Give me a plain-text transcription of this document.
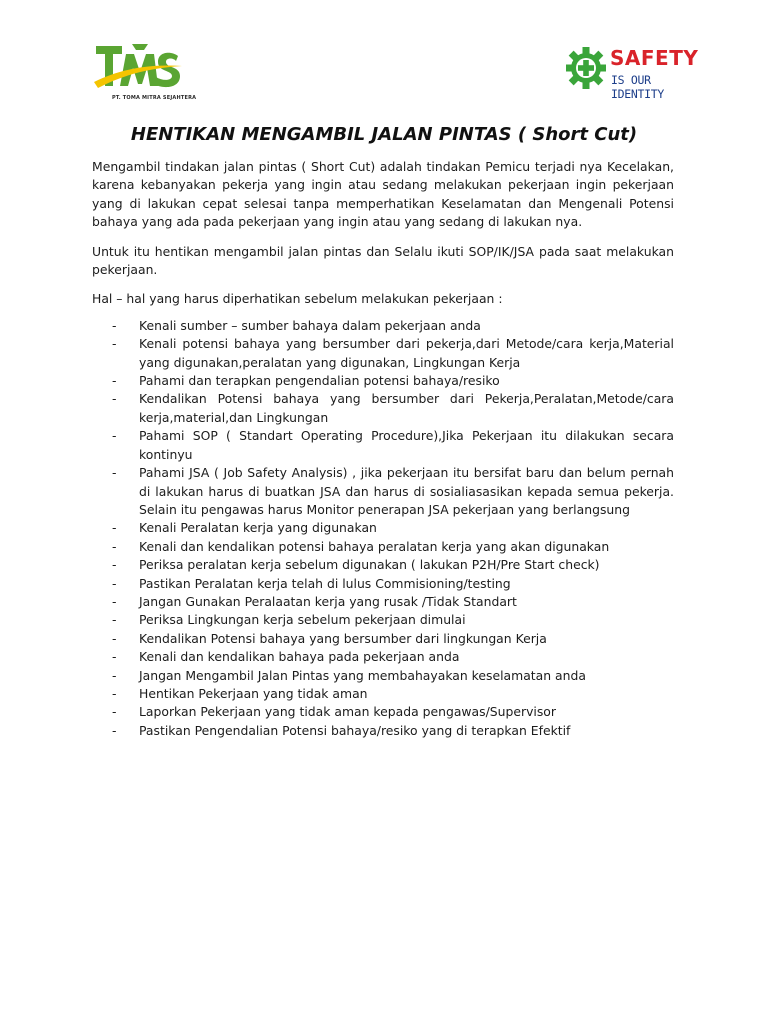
PT. TOMA MITRA SEJAHTERA
SAFETY
IS OUR IDENTITY
HENTIKAN MENGAMBIL JALAN PINTAS ( Short Cut)

Mengambil tindakan jalan pintas ( Short Cut) adalah tindakan Pemicu terjadi nya Kecelakan, karena kebanyakan pekerja yang ingin atau sedang melakukan pekerjaan ingin pekerjaan yang di lakukan cepat selesai tanpa memperhatikan Keselamatan dan Mengenali Potensi bahaya yang ada pada pekerjaan yang ingin atau yang sedang di lakukan nya.

Untuk itu hentikan mengambil jalan pintas dan Selalu ikuti SOP/IK/JSA pada saat melakukan pekerjaan.

Hal – hal yang harus diperhatikan sebelum melakukan pekerjaan :

- Kenali sumber – sumber bahaya dalam pekerjaan anda
- Kenali potensi bahaya yang bersumber dari pekerja,dari Metode/cara kerja,Material yang digunakan,peralatan yang digunakan, Lingkungan Kerja
- Pahami dan terapkan pengendalian potensi bahaya/resiko
- Kendalikan Potensi bahaya yang bersumber dari Pekerja,Peralatan,Metode/cara kerja,material,dan Lingkungan
- Pahami SOP ( Standart Operating Procedure),Jika Pekerjaan itu dilakukan secara kontinyu
- Pahami JSA ( Job Safety Analysis) , jika pekerjaan itu bersifat baru dan belum pernah di lakukan harus di buatkan JSA dan harus di sosialiasasikan kepada semua pekerja. Selain itu pengawas harus Monitor penerapan JSA pekerjaan yang berlangsung
- Kenali Peralatan kerja yang digunakan
- Kenali dan kendalikan potensi bahaya peralatan kerja yang akan digunakan
- Periksa peralatan kerja sebelum digunakan ( lakukan P2H/Pre Start check)
- Pastikan Peralatan kerja telah di lulus Commisioning/testing
- Jangan Gunakan Peralaatan kerja yang rusak /Tidak Standart
- Periksa Lingkungan kerja sebelum pekerjaan dimulai
- Kendalikan Potensi bahaya yang bersumber dari lingkungan Kerja
- Kenali dan kendalikan bahaya pada pekerjaan anda
- Jangan Mengambil Jalan Pintas yang membahayakan keselamatan anda
- Hentikan Pekerjaan yang tidak aman
- Laporkan Pekerjaan yang tidak aman kepada pengawas/Supervisor
- Pastikan Pengendalian Potensi bahaya/resiko yang di terapkan Efektif
